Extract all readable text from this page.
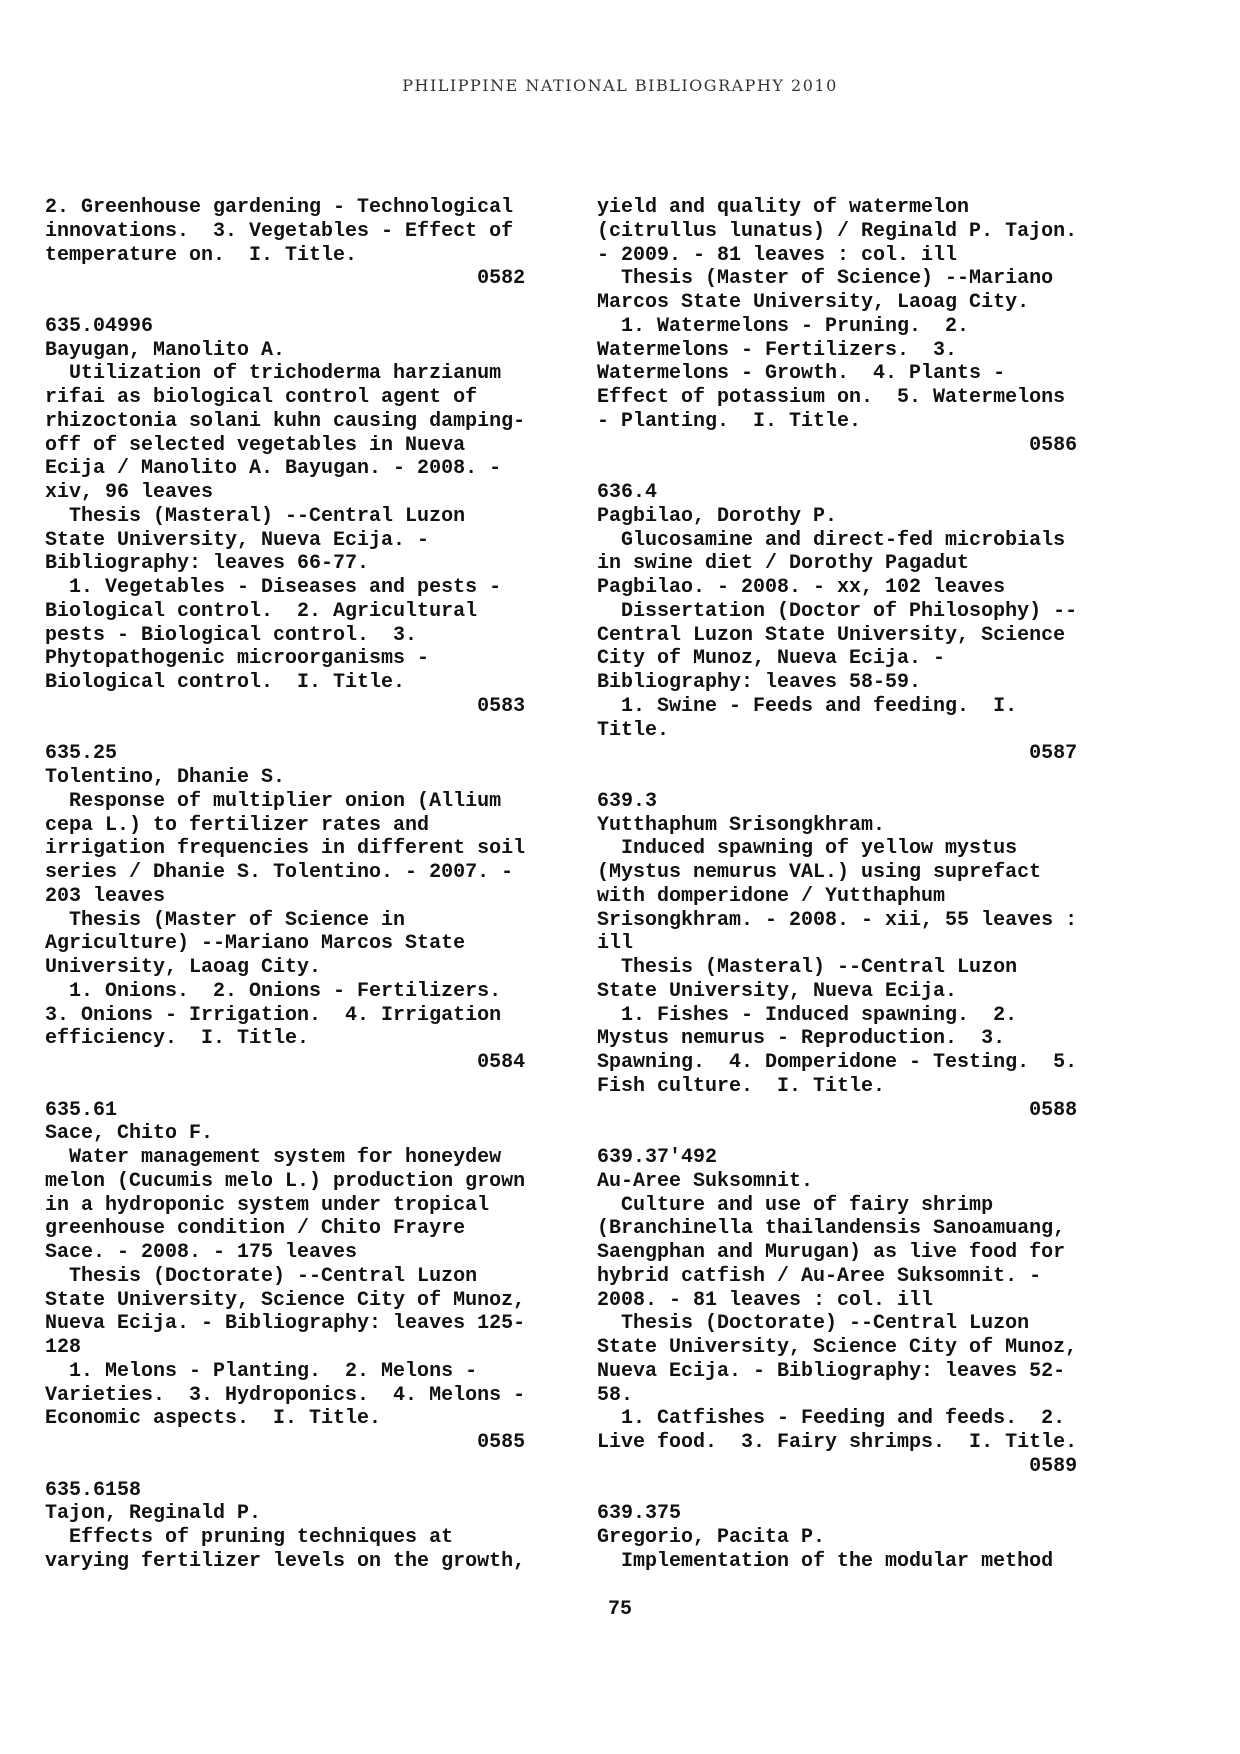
PHILIPPINE NATIONAL BIBLIOGRAPHY 2010
2. Greenhouse gardening - Technological
innovations.  3. Vegetables - Effect of
temperature on.  I. Title.
0582
635.04996
Bayugan, Manolito A.
Utilization of trichoderma harzianum
rifai as biological control agent of
rhizoctonia solani kuhn causing damping-
off of selected vegetables in Nueva
Ecija / Manolito A. Bayugan. - 2008. -
xiv, 96 leaves
Thesis (Masteral) --Central Luzon
State University, Nueva Ecija. -
Bibliography: leaves 66-77.
1. Vegetables - Diseases and pests -
Biological control.  2. Agricultural
pests - Biological control.  3.
Phytopathogenic microorganisms -
Biological control.  I. Title.
0583
635.25
Tolentino, Dhanie S.
Response of multiplier onion (Allium
cepa L.) to fertilizer rates and
irrigation frequencies in different soil
series / Dhanie S. Tolentino. - 2007. -
203 leaves
Thesis (Master of Science in
Agriculture) --Mariano Marcos State
University, Laoag City.
1. Onions.  2. Onions - Fertilizers.
3. Onions - Irrigation.  4. Irrigation
efficiency.  I. Title.
0584
635.61
Sace, Chito F.
Water management system for honeydew
melon (Cucumis melo L.) production grown
in a hydroponic system under tropical
greenhouse condition / Chito Frayre
Sace. - 2008. - 175 leaves
Thesis (Doctorate) --Central Luzon
State University, Science City of Munoz,
Nueva Ecija. - Bibliography: leaves 125-
128
1. Melons - Planting.  2. Melons -
Varieties.  3. Hydroponics.  4. Melons -
Economic aspects.  I. Title.
0585
635.6158
Tajon, Reginald P.
Effects of pruning techniques at
varying fertilizer levels on the growth,
yield and quality of watermelon
(citrullus lunatus) / Reginald P. Tajon.
- 2009. - 81 leaves : col. ill
Thesis (Master of Science) --Mariano
Marcos State University, Laoag City.
1. Watermelons - Pruning.  2.
Watermelons - Fertilizers.  3.
Watermelons - Growth.  4. Plants -
Effect of potassium on.  5. Watermelons
- Planting.  I. Title.
0586
636.4
Pagbilao, Dorothy P.
Glucosamine and direct-fed microbials
in swine diet / Dorothy Pagadut
Pagbilao. - 2008. - xx, 102 leaves
Dissertation (Doctor of Philosophy) --
Central Luzon State University, Science
City of Munoz, Nueva Ecija. -
Bibliography: leaves 58-59.
1. Swine - Feeds and feeding.  I.
Title.
0587
639.3
Yutthaphum Srisongkhram.
Induced spawning of yellow mystus
(Mystus nemurus VAL.) using suprefact
with domperidone / Yutthaphum
Srisongkhram. - 2008. - xii, 55 leaves :
ill
Thesis (Masteral) --Central Luzon
State University, Nueva Ecija.
1. Fishes - Induced spawning.  2.
Mystus nemurus - Reproduction.  3.
Spawning.  4. Domperidone - Testing.  5.
Fish culture.  I. Title.
0588
639.37'492
Au-Aree Suksomnit.
Culture and use of fairy shrimp
(Branchinella thailandensis Sanoamuang,
Saengphan and Murugan) as live food for
hybrid catfish / Au-Aree Suksomnit. -
2008. - 81 leaves : col. ill
Thesis (Doctorate) --Central Luzon
State University, Science City of Munoz,
Nueva Ecija. - Bibliography: leaves 52-
58.
1. Catfishes - Feeding and feeds.  2.
Live food.  3. Fairy shrimps.  I. Title.
0589
639.375
Gregorio, Pacita P.
Implementation of the modular method
75
